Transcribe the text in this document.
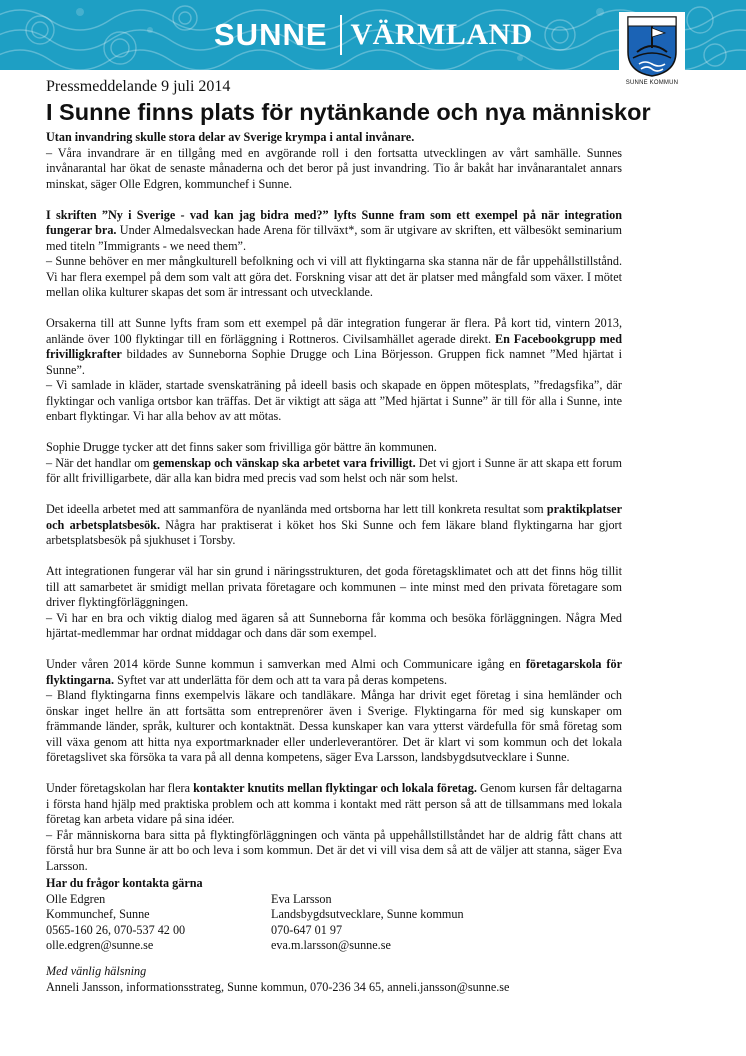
SUNNE VÄRMLAND
SUNNE KOMMUN
Pressmeddelande 9 juli 2014
I Sunne finns plats för nytänkande och nya människor

Utan invandring skulle stora delar av Sverige krympa i antal invånare.
– Våra invandrare är en tillgång med en avgörande roll i den fortsatta utvecklingen av vårt samhälle. Sunnes invånarantal har ökat de senaste månaderna och det beror på just invandring. Tio år bakåt har invånarantalet annars minskat, säger Olle Edgren, kommunchef i Sunne.

I skriften ”Ny i Sverige - vad kan jag bidra med?” lyfts Sunne fram som ett exempel på när integration fungerar bra. Under Almedalsveckan hade Arena för tillväxt*, som är utgivare av skriften, ett välbesökt seminarium med titeln ”Immigrants - we need them”.
– Sunne behöver en mer mångkulturell befolkning och vi vill att flyktingarna ska stanna när de får uppehållstillstånd. Vi har flera exempel på dem som valt att göra det. Forskning visar att det är platser med mångfald som växer. I mötet mellan olika kulturer skapas det som är intressant och utvecklande.

Orsakerna till att Sunne lyfts fram som ett exempel på där integration fungerar är flera. På kort tid, vintern 2013, anlände över 100 flyktingar till en förläggning i Rottneros. Civilsamhället agerade direkt. En Facebookgrupp med frivilligkrafter bildades av Sunneborna Sophie Drugge och Lina Börjesson. Gruppen fick namnet ”Med hjärtat i Sunne”.
– Vi samlade in kläder, startade svenskaträning på ideell basis och skapade en öppen mötesplats, ”fredagsfika”, där flyktingar och vanliga ortsbor kan träffas. Det är viktigt att säga att ”Med hjärtat i Sunne” är till för alla i Sunne, inte enbart flyktingar. Vi har alla behov av att mötas.

Sophie Drugge tycker att det finns saker som frivilliga gör bättre än kommunen.
– När det handlar om gemenskap och vänskap ska arbetet vara frivilligt. Det vi gjort i Sunne är att skapa ett forum för allt frivilligarbete, där alla kan bidra med precis vad som helst och när som helst.

Det ideella arbetet med att sammanföra de nyanlända med ortsborna har lett till konkreta resultat som praktikplatser och arbetsplatsbesök. Några har praktiserat i köket hos Ski Sunne och fem läkare bland flyktingarna har gjort arbetsplatsbesök på sjukhuset i Torsby.

Att integrationen fungerar väl har sin grund i näringsstrukturen, det goda företagsklimatet och att det finns hög tillit till att samarbetet är smidigt mellan privata företagare och kommunen – inte minst med den privata företagare som driver flyktingförläggningen.
– Vi har en bra och viktig dialog med ägaren så att Sunneborna får komma och besöka förläggningen. Några Med hjärtat-medlemmar har ordnat middagar och dans där som exempel.

Under våren 2014 körde Sunne kommun i samverkan med Almi och Communicare igång en företagarskola för flyktingarna. Syftet var att underlätta för dem och att ta vara på deras kompetens.
– Bland flyktingarna finns exempelvis läkare och tandläkare. Många har drivit eget företag i sina hemländer och önskar inget hellre än att fortsätta som entreprenörer även i Sverige. Flyktingarna för med sig kunskaper om främmande länder, språk, kulturer och kontaktnät. Dessa kunskaper kan vara ytterst värdefulla för små företag som vill växa genom att hitta nya exportmarknader eller underleverantörer. Det är klart vi som kommun och det lokala företagslivet ska försöka ta vara på all denna kompetens, säger Eva Larsson, landsbygdsutvecklare i Sunne.

Under företagskolan har flera kontakter knutits mellan flyktingar och lokala företag. Genom kursen får deltagarna i första hand hjälp med praktiska problem och att komma i kontakt med rätt person så att de tillsammans med lokala företag kan arbeta vidare på sina idéer.
– Får människorna bara sitta på flyktingförläggningen och vänta på uppehållstillståndet har de aldrig fått chans att förstå hur bra Sunne är att bo och leva i som kommun. Det är det vi vill visa dem så att de väljer att stanna, säger Eva Larsson.

Har du frågor kontakta gärna
Olle Edgren
Kommunchef, Sunne
0565-160 26, 070-537 42 00
olle.edgren@sunne.se
Eva Larsson
Landsbygdsutvecklare, Sunne kommun
070-647 01 97
eva.m.larsson@sunne.se
Med vänlig hälsning
Anneli Jansson, informationsstrateg, Sunne kommun, 070-236 34 65, anneli.jansson@sunne.se
